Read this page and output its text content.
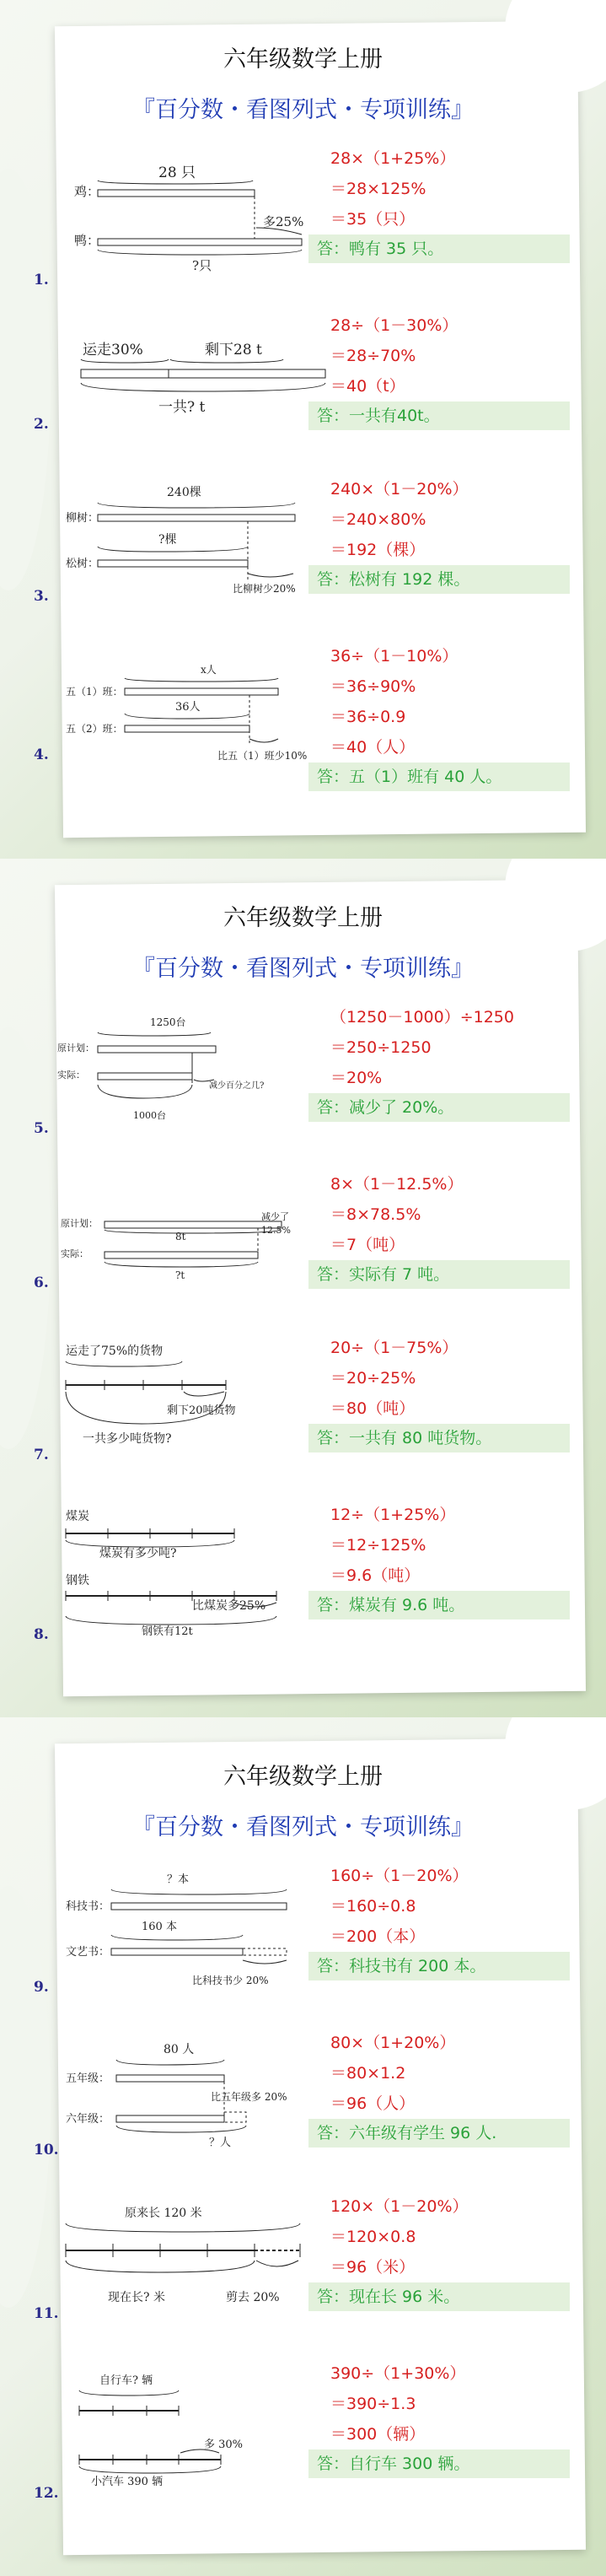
六年级数学上册
『百分数・看图列式・专项训练』
1.
鸡：
鸭：
28 只
多25%
?只
28×（1+25%）
＝28×125%
＝35（只）
答：鸭有 35 只。
2.
运走30%	剩下28 t
一共? t
28÷（1－30%）
＝28÷70%
＝40（t）
答：一共有40t。
3.
柳树：
松树：
240棵
?棵
比柳树少20%
240×（1－20%）
＝240×80%
＝192（棵）
答：松树有 192 棵。
4.
五（1）班：
五（2）班：
x人
36人
比五（1）班少10%
36÷（1－10%）
＝36÷90%
＝36÷0.9
＝40（人）
答：五（1）班有 40 人。
六年级数学上册
『百分数・看图列式・专项训练』
5.
原计划：
实际：
1250台
减少百分之几?
1000台
（1250－1000）÷1250
＝250÷1250
＝20%
答：减少了 20%。
6.
原计划：
实际：
8t
减少了
12.5%
?t
8×（1－12.5%）
＝8×78.5%
＝7（吨）
答：实际有 7 吨。
7.
运走了75%的货物
剩下20吨货物
一共多少吨货物?
20÷（1－75%）
＝20÷25%
＝80（吨）
答：一共有 80 吨货物。
8.
煤炭
煤炭有多少吨?
钢铁
比煤炭多25%
钢铁有12t
12÷（1+25%）
＝12÷125%
＝9.6（吨）
答：煤炭有 9.6 吨。
六年级数学上册
『百分数・看图列式・专项训练』
9.
科技书：
文艺书：
？本
160 本
比科技书少 20%
160÷（1－20%）
＝160÷0.8
＝200（本）
答：科技书有 200 本。
10.
五年级：
六年级：
80 人
比五年级多 20%
？人
80×（1+20%）
＝80×1.2
＝96（人）
答：六年级有学生 96 人.
11.
原来长 120 米
现在长? 米	剪去 20%
120×（1－20%）
＝120×0.8
＝96（米）
答：现在长 96 米。
12.
自行车? 辆
多 30%
小汽车 390 辆
390÷（1+30%）
＝390÷1.3
＝300（辆）
答：自行车 300 辆。
